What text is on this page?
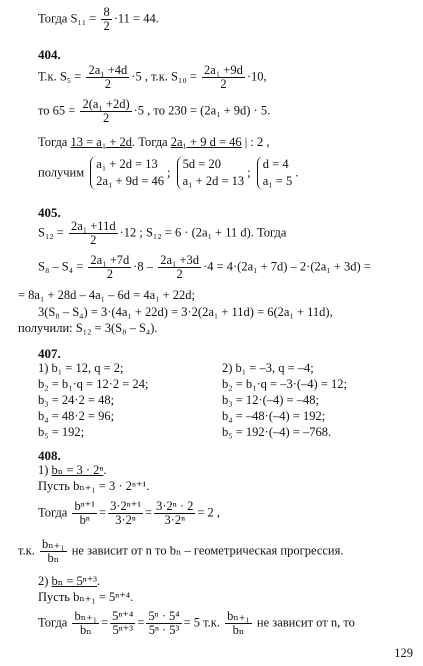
Тогда $S_{11} = \frac{8}{2} \cdot 11 = 44$.
404.
Т.к. $S_5 = \frac{\text{2a₁ +4d}}{2} \cdot 5$ , т.к. $S_{10} = \frac{\text{2a₁ +9d}}{2} \cdot 10$,
то $65 = \frac{\text{2(a₁ +2d)}}{2} \cdot 5$ , то 230 = (2a₁ + 9d) · 5.
Тогда 13 = a₁ + 2d. Тогда 2a₁ + 9 d = 46 | : 2 ,
получим
a₁ + 2d = 13
2a₁ + 9d = 46
;
5d = 20
a₁ + 2d = 13
;
d = 4
a₁ = 5
.
405.
$S_{12} = \frac{\text{2a₁ +11d}}{2} \cdot 12$ ; S₁₂ = 6 · (2a₁ + 11 d). Тогда
$S_8 - S_4 = \frac{\text{2a₁ +7d}}{2} \cdot 8 - \frac{\text{2a₁ +3d}}{2} \cdot 4 = 4\cdot(2a_1 + 7d) - 2\cdot(2a_1 + 3d)$ =
= 8a₁ + 28d – 4a₁ – 6d = 4a₁ + 22d;
3(S₈ – S₄) = 3·(4a₁ + 22d) = 3·2(2a₁ + 11d) = 6(2a₁ + 11d),
получили: S₁₂ = 3(S₈ – S₄).
407.
1) b₁ = 12, q = 2;
b₂ = b₁·q = 12·2 = 24;
b₃ = 24·2 = 48;
b₄ = 48·2 = 96;
b₅ = 192;
2) b₁ = –3, q = –4;
b₂ = b₁·q = –3·(–4) = 12;
b₃ = 12·(–4) = –48;
b₄ = –48·(–4) = 192;
b₅ = 192·(–4) = –768.
408.
1) bₙ = 3 · 2ⁿ.
Пусть bₙ₊₁ = 3 · 2ⁿ⁺¹.
Тогда $\frac{\text{bⁿ⁺¹}}{\text{bⁿ}} = \frac{\text{3·2ⁿ⁺¹}}{\text{3·2ⁿ}} = \frac{\text{3·2ⁿ · 2}}{\text{3·2ⁿ}} = 2$ ,
т.к. $\frac{\text{bₙ₊₁}}{\text{bₙ}}$ не зависит от n то bₙ – геометрическая прогрессия.
2) bₙ = 5ⁿ⁺³.
Пусть bₙ₊₁ = 5ⁿ⁺⁴.
Тогда $\frac{\text{bₙ₊₁}}{\text{bₙ}} = \frac{\text{5ⁿ⁺⁴}}{\text{5ⁿ⁺³}} = \frac{\text{5ⁿ · 5⁴}}{\text{5ⁿ · 5³}} = 5$ т.к. $\frac{\text{bₙ₊₁}}{\text{bₙ}}$ не зависит от n, то
129
